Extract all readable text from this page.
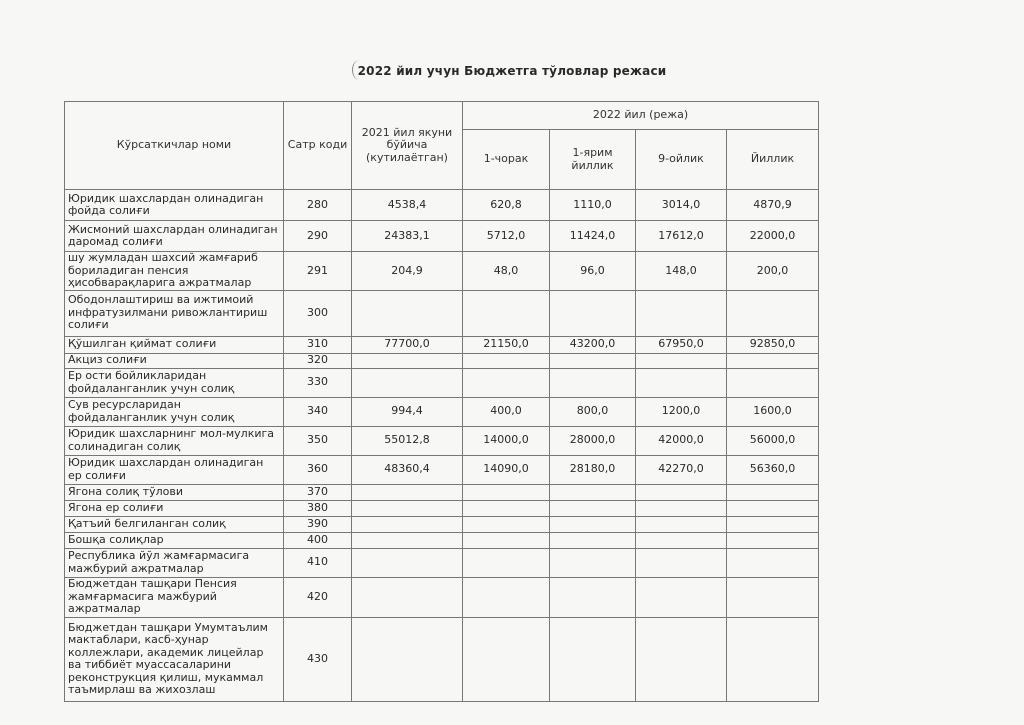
2022 йил учун Бюджетга тўловлар режаси
Кўрсаткичлар номи	Сатр коди	2021 йил якуни бўйича (кутилаётган)	2022 йил (режа)			
			1-чорак	1-ярим йиллик	9-ойлик	Йиллик
Юридик шахслардан олинадиган фойда солиғи	280	4538,4	620,8	1110,0	3014,0	4870,9
Жисмоний шахслардан олинадиган даромад солиғи	290	24383,1	5712,0	11424,0	17612,0	22000,0
шу жумладан шахсий жамғариб бориладиган пенсия ҳисобварақларига ажратмалар	291	204,9	48,0	96,0	148,0	200,0
Ободонлаштириш ва ижтимоий инфратузилмани ривожлантириш солиғи	300					
Қўшилган қиймат солиғи	310	77700,0	21150,0	43200,0	67950,0	92850,0
Акциз солиғи	320					
Ер ости бойликларидан фойдаланганлик учун солиқ	330					
Сув ресурсларидан фойдаланганлик учун солиқ	340	994,4	400,0	800,0	1200,0	1600,0
Юридик шахсларнинг мол-мулкига солинадиган солиқ	350	55012,8	14000,0	28000,0	42000,0	56000,0
Юридик шахслардан олинадиган ер солиғи	360	48360,4	14090,0	28180,0	42270,0	56360,0
Ягона солиқ тўлови	370					
Ягона ер солиғи	380					
Қатъий белгиланган солиқ	390					
Бошқа солиқлар	400					
Республика йўл жамғармасига мажбурий ажратмалар	410					
Бюджетдан ташқари Пенсия жамғармасига мажбурий ажратмалар	420					
Бюджетдан ташқари Умумтаълим мактаблари, касб-ҳунар коллежлари, академик лицейлар ва тиббиёт муассасаларини реконструкция қилиш, мукаммал таъмирлаш ва жихозлаш	430					
